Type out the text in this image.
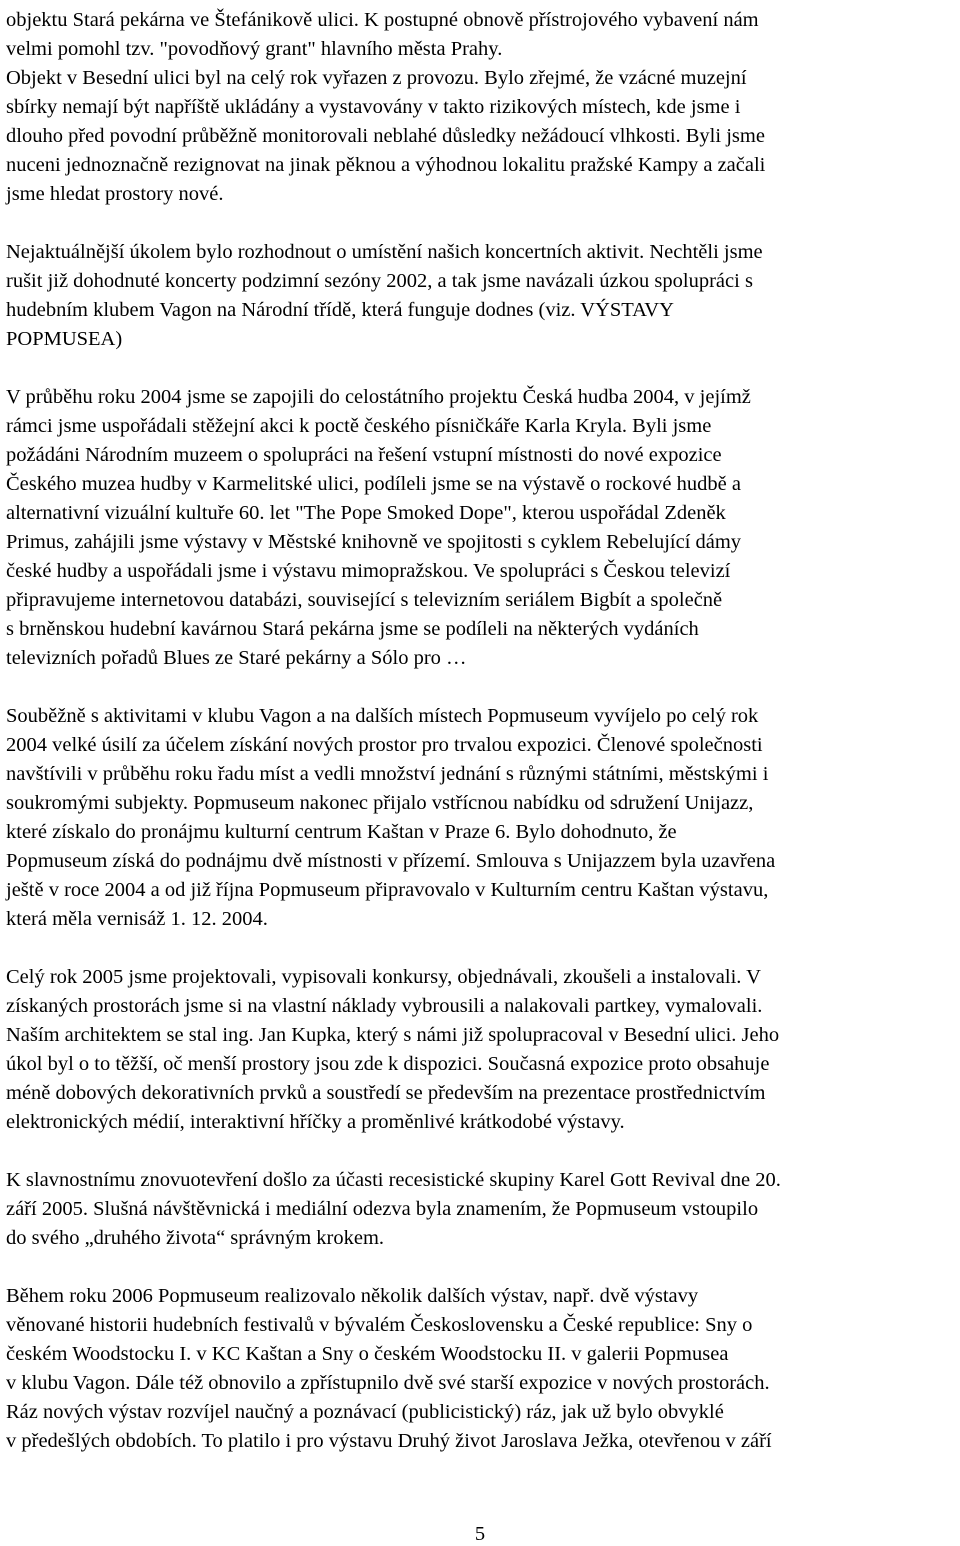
objektu Stará pekárna ve Štefánikově ulici. K postupné obnově přístrojového vybavení nám
velmi pomohl tzv. "povodňový grant" hlavního města Prahy.
Objekt v Besední ulici byl na celý rok vyřazen z provozu. Bylo zřejmé, že vzácné muzejní
sbírky nemají být napříště ukládány a vystavovány v takto rizikových místech, kde jsme i
dlouho před povodní průběžně monitorovali neblahé důsledky nežádoucí vlhkosti. Byli jsme
nuceni jednoznačně rezignovat na jinak pěknou a výhodnou lokalitu pražské Kampy a začali
jsme hledat prostory nové.

Nejaktuálnější úkolem bylo rozhodnout o umístění našich koncertních aktivit. Nechtěli jsme
rušit již dohodnuté koncerty podzimní sezóny 2002, a tak jsme navázali úzkou spolupráci s
hudebním klubem Vagon na Národní třídě, která funguje dodnes (viz. VÝSTAVY
POPMUSEA)

V průběhu roku 2004 jsme se zapojili do celostátního projektu Česká hudba 2004, v jejímž
rámci jsme uspořádali stěžejní akci k poctě českého písničkáře Karla Kryla. Byli jsme
požádáni Národním muzeem o spolupráci na řešení vstupní místnosti do nové expozice
Českého muzea hudby v Karmelitské ulici, podíleli jsme se na výstavě o rockové hudbě a
alternativní vizuální kultuře 60. let "The Pope Smoked Dope", kterou uspořádal Zdeněk
Primus, zahájili jsme výstavy v Městské knihovně ve spojitosti s cyklem Rebelující dámy
české hudby a uspořádali jsme i výstavu mimopražskou. Ve spolupráci s Českou televizí
připravujeme internetovou databázi, související s televizním seriálem Bigbít a společně
s brněnskou hudební kavárnou Stará pekárna jsme se podíleli na některých vydáních
televizních pořadů Blues ze Staré pekárny a Sólo pro …

Souběžně s aktivitami v klubu Vagon a na dalších místech Popmuseum vyvíjelo po celý rok
2004 velké úsilí za účelem získání nových prostor pro trvalou expozici. Členové společnosti
navštívili v průběhu roku řadu míst a vedli množství jednání s různými státními, městskými i
soukromými subjekty. Popmuseum nakonec přijalo vstřícnou nabídku od sdružení Unijazz,
které získalo do pronájmu kulturní centrum Kaštan v Praze 6. Bylo dohodnuto, že
Popmuseum získá do podnájmu dvě místnosti v přízemí. Smlouva s Unijazzem byla uzavřena
ještě v roce 2004 a od již října Popmuseum připravovalo v Kulturním centru Kaštan výstavu,
která měla vernisáž 1. 12. 2004.

Celý rok 2005 jsme projektovali, vypisovali konkursy, objednávali, zkoušeli a instalovali. V
získaných prostorách jsme si na vlastní náklady vybrousili a nalakovali partkey, vymalovali.
Naším architektem se stal ing. Jan Kupka, který s námi již spolupracoval v Besední ulici. Jeho
úkol byl o to těžší, oč menší prostory jsou zde k dispozici. Současná expozice proto obsahuje
méně dobových dekorativních prvků a soustředí se především na prezentace prostřednictvím
elektronických médií, interaktivní hříčky a proměnlivé krátkodobé výstavy.

K slavnostnímu znovuotevření došlo za účasti recesistické skupiny Karel Gott Revival dne 20.
září 2005. Slušná návštěvnická i mediální odezva byla znamením, že Popmuseum vstoupilo
do svého „druhého života“ správným krokem.

Během roku 2006 Popmuseum realizovalo několik dalších výstav, např. dvě výstavy
věnované historii hudebních festivalů v bývalém Československu a České republice: Sny o
českém Woodstocku I. v KC Kaštan a Sny o českém Woodstocku II. v galerii Popmusea
v klubu Vagon. Dále též obnovilo a zpřístupnilo dvě své starší expozice v nových prostorách.
Ráz nových výstav rozvíjel naučný a poznávací (publicistický) ráz, jak už bylo obvyklé
v předešlých obdobích. To platilo i pro výstavu Druhý život Jaroslava Ježka, otevřenou v září

5
